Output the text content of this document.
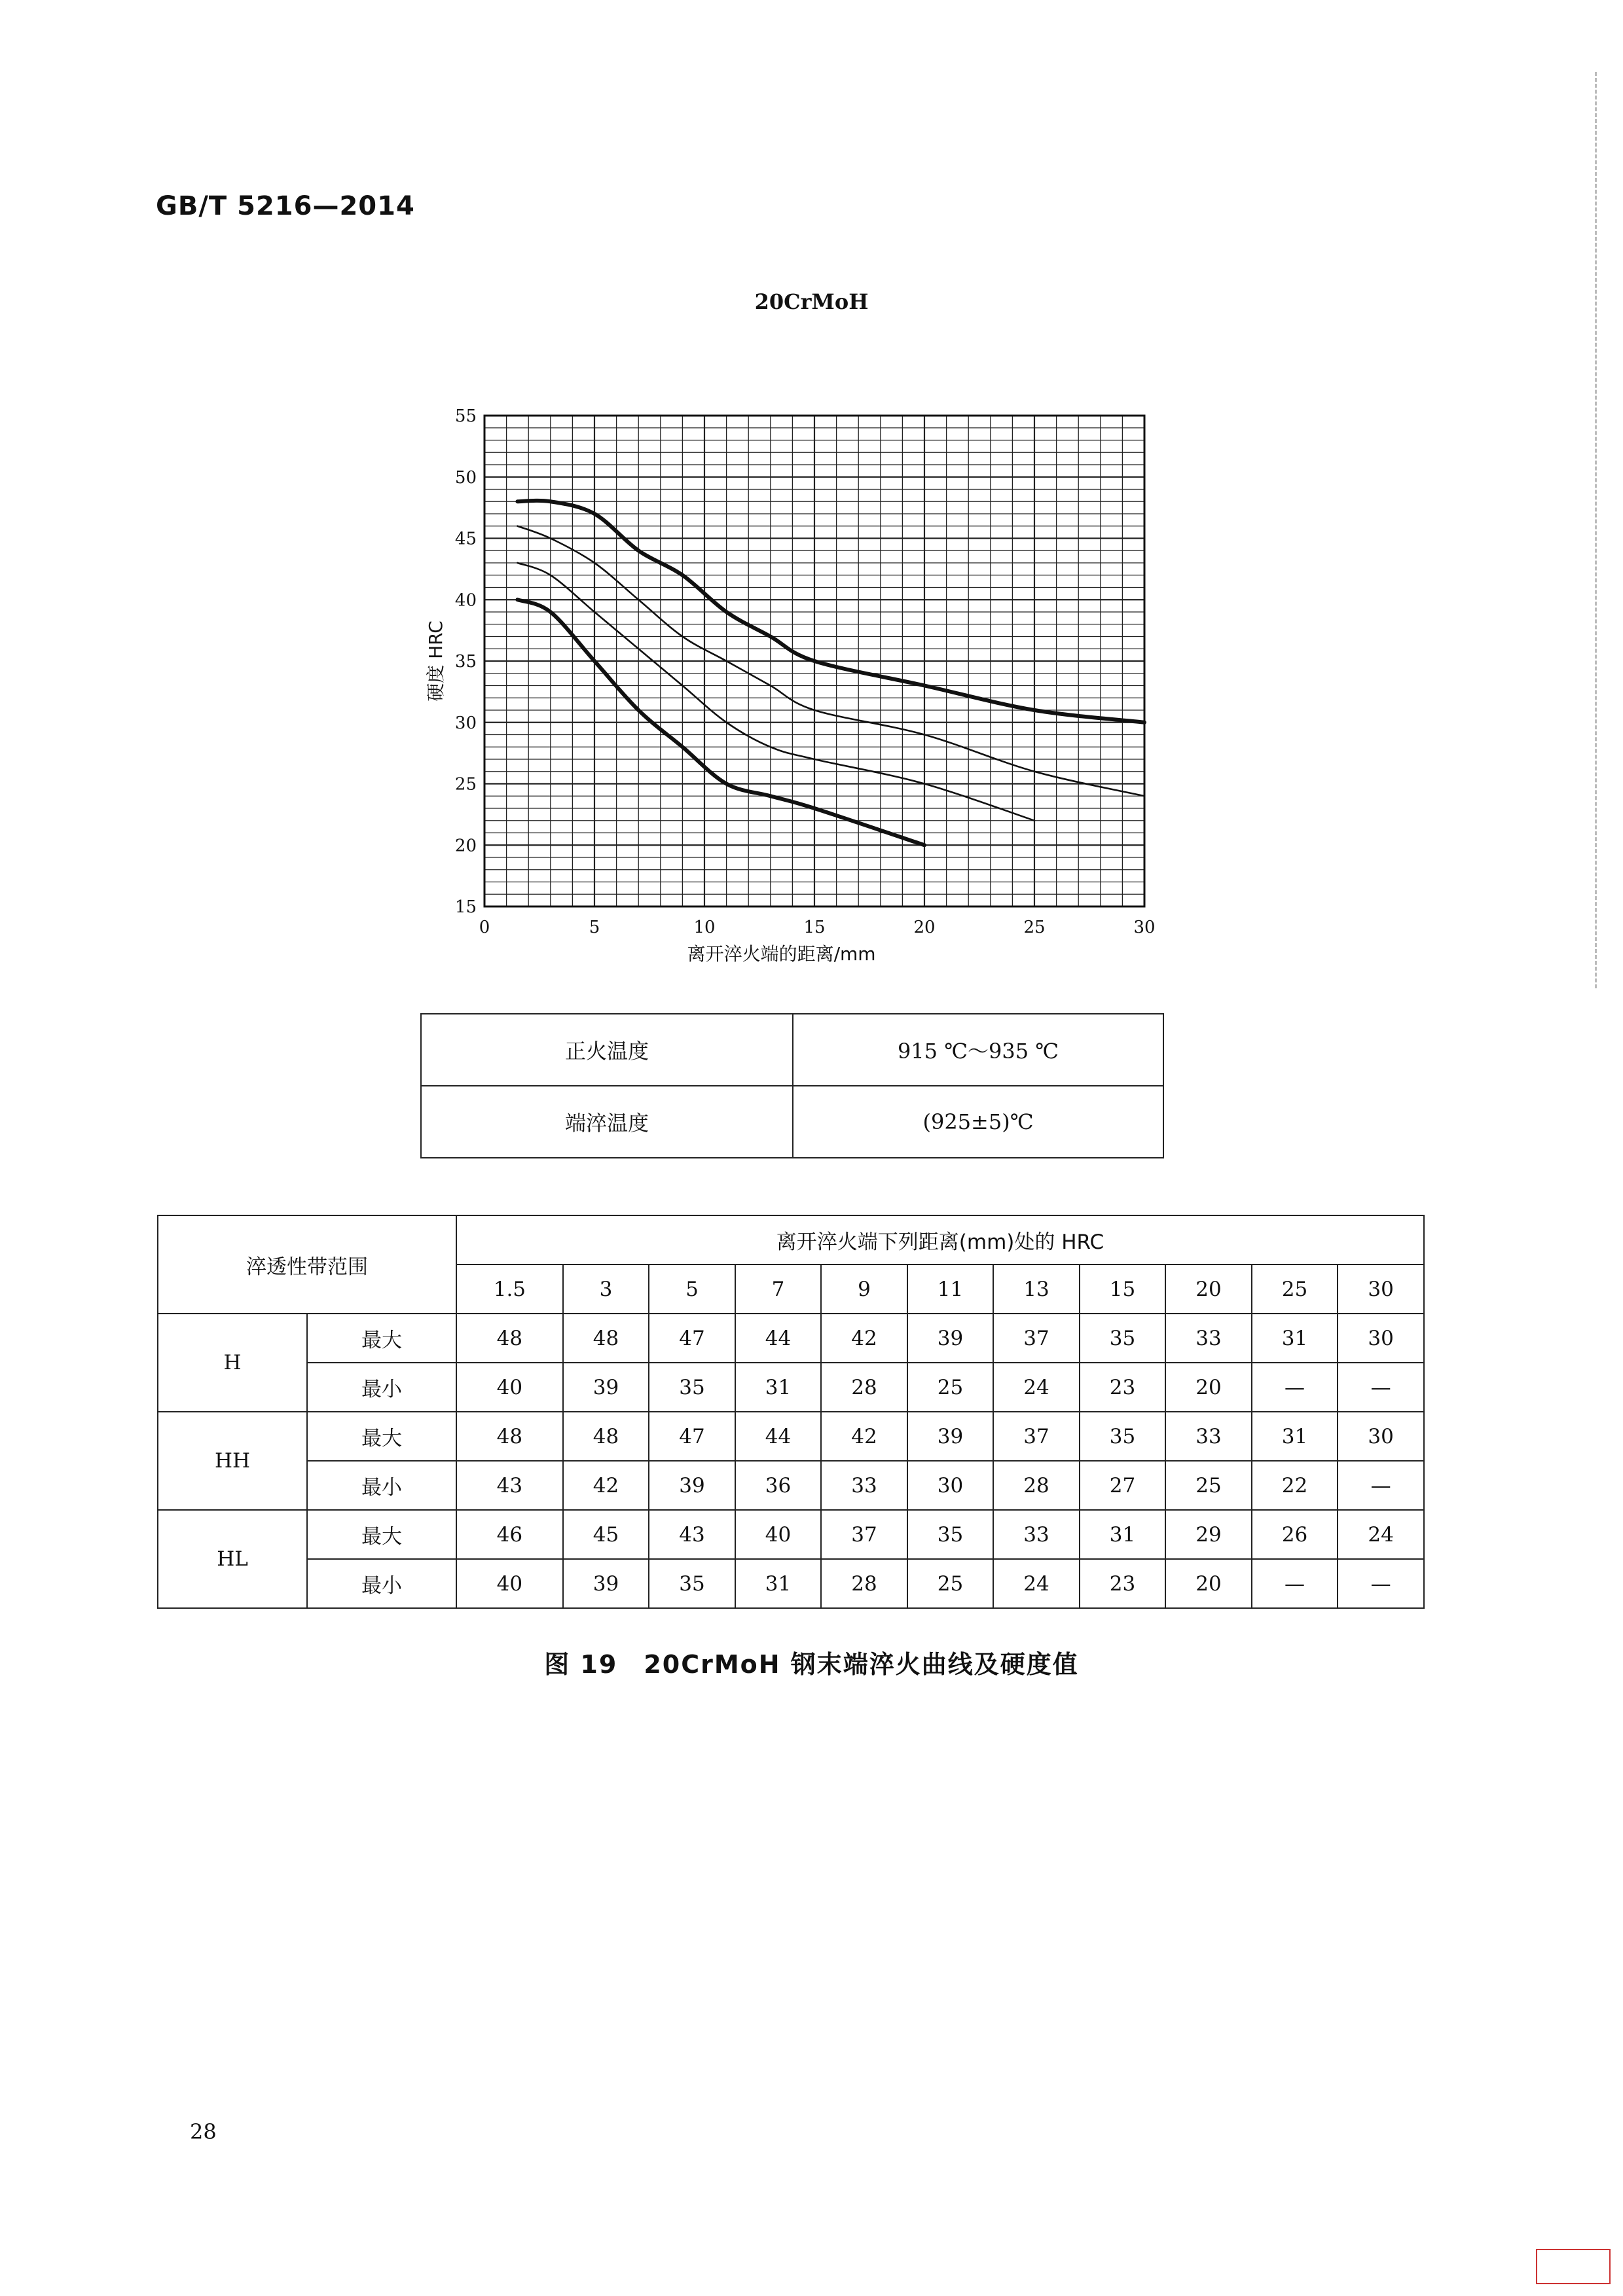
GB/T 5216—2014
20CrMoH
0	5	10	15	20	25	30
15
20
25
30
35
40
45
50
55
离开淬火端的距离/mm
硬度 HRC
正火温度	915 ℃～935 ℃
端淬温度	(925±5)℃
淬透性带范围		离开淬火端下列距离(mm)处的 HRC										
		1.5	3	5	7	9	11	13	15	20	25	30
H	最大	48	48	47	44	42	39	37	35	33	31	30
	最小	40	39	35	31	28	25	24	23	20	—	—
HH	最大	48	48	47	44	42	39	37	35	33	31	30
	最小	43	42	39	36	33	30	28	27	25	22	—
HL	最大	46	45	43	40	37	35	33	31	29	26	24
	最小	40	39	35	31	28	25	24	23	20	—	—
图 19　20CrMoH 钢末端淬火曲线及硬度值
28
